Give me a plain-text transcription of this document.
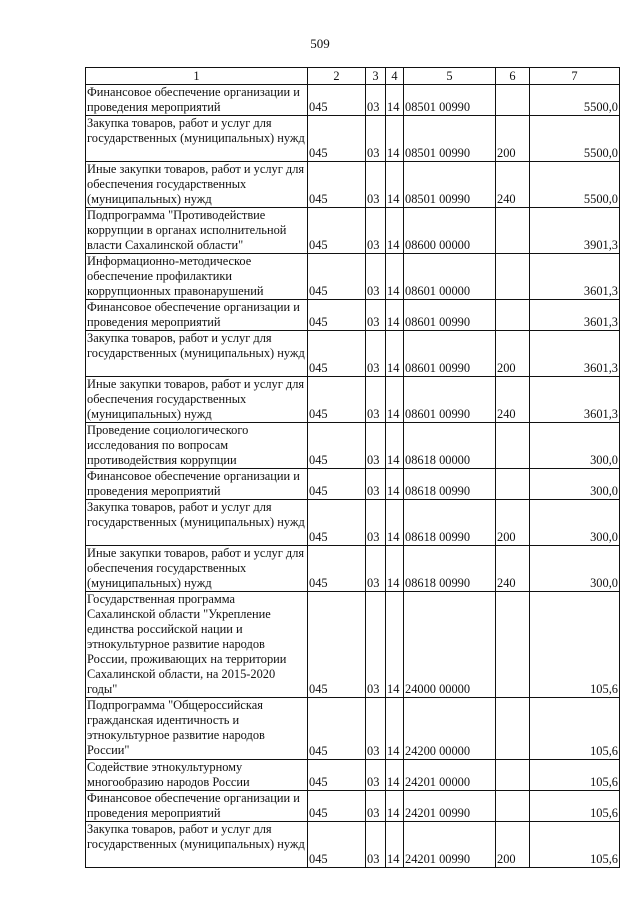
509
1	2	3	4	5	6	7
Финансовое обеспечение организации и проведения мероприятий	045	03	14	08501 00990		5500,0
Закупка товаров, работ и услуг для государственных (муниципальных) нужд	045	03	14	08501 00990	200	5500,0
Иные закупки товаров, работ и услуг для обеспечения государственных (муниципальных) нужд	045	03	14	08501 00990	240	5500,0
Подпрограмма "Противодействие коррупции в органах исполнительной власти Сахалинской области"	045	03	14	08600 00000		3901,3
Информационно-методическое обеспечение профилактики коррупционных правонарушений	045	03	14	08601 00000		3601,3
Финансовое обеспечение организации и проведения мероприятий	045	03	14	08601 00990		3601,3
Закупка товаров, работ и услуг для государственных (муниципальных) нужд	045	03	14	08601 00990	200	3601,3
Иные закупки товаров, работ и услуг для обеспечения государственных (муниципальных) нужд	045	03	14	08601 00990	240	3601,3
Проведение социологического исследования по вопросам противодействия коррупции	045	03	14	08618 00000		300,0
Финансовое обеспечение организации и проведения мероприятий	045	03	14	08618 00990		300,0
Закупка товаров, работ и услуг для государственных (муниципальных) нужд	045	03	14	08618 00990	200	300,0
Иные закупки товаров, работ и услуг для обеспечения государственных (муниципальных) нужд	045	03	14	08618 00990	240	300,0
Государственная программа Сахалинской области "Укрепление единства российской нации и этнокультурное развитие народов России, проживающих на территории Сахалинской области, на 2015-2020 годы"	045	03	14	24000 00000		105,6
Подпрограмма "Общероссийская гражданская идентичность и этнокультурное развитие народов России"	045	03	14	24200 00000		105,6
Содействие этнокультурному многообразию народов России	045	03	14	24201 00000		105,6
Финансовое обеспечение организации и проведения мероприятий	045	03	14	24201 00990		105,6
Закупка товаров, работ и услуг для государственных (муниципальных) нужд	045	03	14	24201 00990	200	105,6
